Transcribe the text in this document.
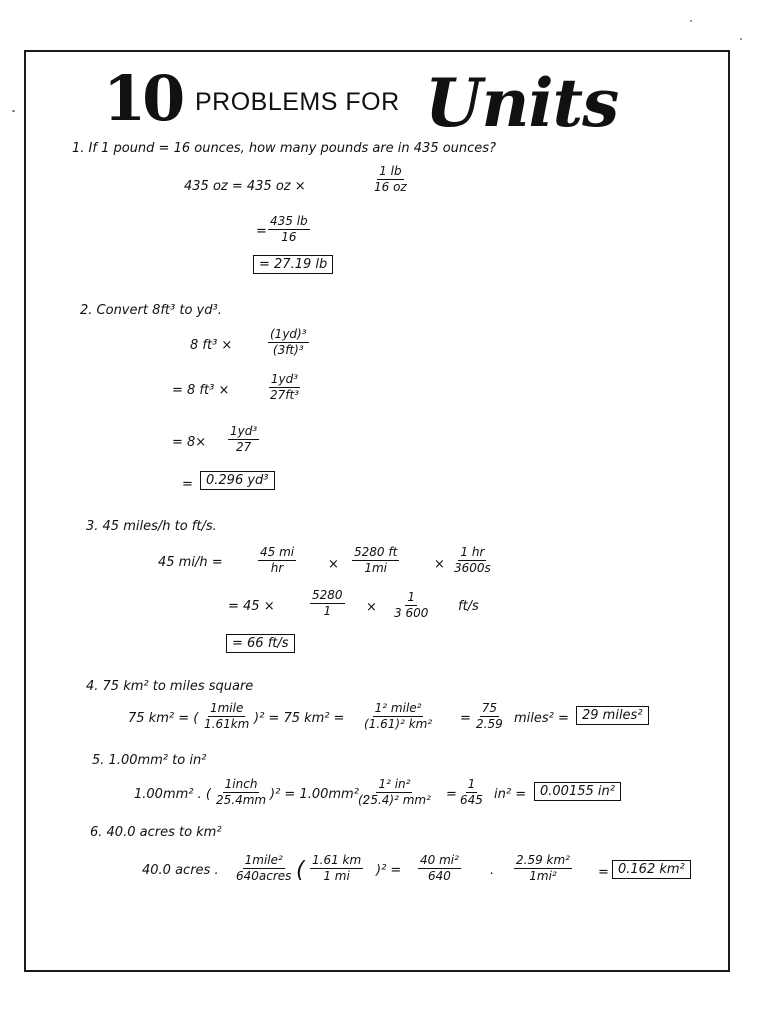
10 PROBLEMS FOR Units
1. If 1 pound = 16 ounces, how many pounds are in 435 ounces?
435 oz = 435 oz ×	$\frac{1 lb}{16 oz}$
= $\frac{435 lb}{16}$
= 27.19 lb
2. Convert 8ft³ to yd³.
8 ft³ ×	$\frac{\text{(1yd)³}}{\text{(3ft)³}}$
= 8 ft³ ×	$\frac{\text{1yd³}}{\text{27ft³}}$
= $8\times \frac{\text{1yd³}}{27}$
=	0.296 yd³
3. 45 miles/h to ft/s.
45 mi/h =	$\frac{45 mi}{hr} \times \frac{5280 ft}{1mi}$	× $\frac{1 hr}{3600s}$
= 45 ×	$\frac{5280}{1} \times \frac{1}{3 600} ft/s$
= 66 ft/s
4. 75 km² to miles square
75 km² = (
1mile
1.61km )² = 75 km² =
1² mile²
(1.61)² $km^2 = \frac{75}{2.59}$ miles² =	29 miles²
5. 1.00mm² to in²
1.00mm² . (
1inch
25.4mm )² = 1.00mm² .
$\frac{\text{1² in²}}{\text{(25.4)² mm²}} = \frac{1}{645} in^2$ =	0.00155 in²
6. 40.0 acres to km²
40.0 acres .
1mile²
640acres ( $\frac{1.61 km}{1 mi} )^2 = \frac{\text{40 mi²}}{640}$ . $\frac{\text{2.59 km²}}{\text{1mi²}} = 0.162$ km²
